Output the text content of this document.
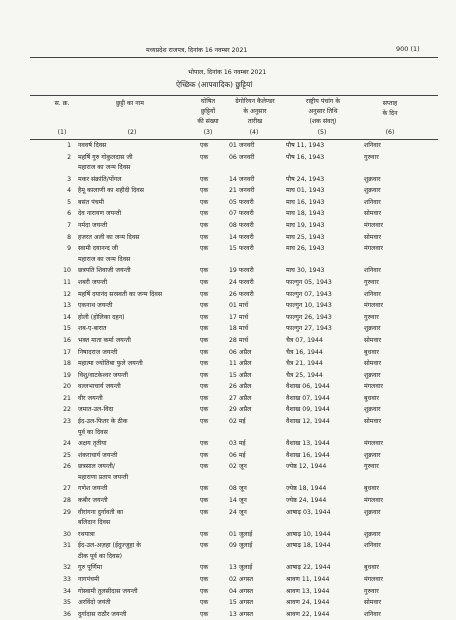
मध्यप्रदेश राजपत्र, दिनांक 16 नवम्बर 2021	900 (1)
भोपाल, दिनांक 16 नवम्बर 2021
ऐच्छिक (आपवादिक) छुट्टियां
स. क्र.	छुट्टी का नाम	घोषित
छुट्टियों
की संख्या
ग्रेगोरियन कैलेण्डर
के अनुसार
तारीख
राष्ट्रीय पंचांग के
अनुसार तिथि
(शक संवत्)
सप्ताह
के दिन
(1)	(2)	(3)	(4)	(5)	(6)
1 नववर्ष दिवस	एक	01 जनवरी	पौष 11, 1943	शनिवार
2 महर्षि गुरु गोकुलदास जी	एक	06 जनवरी	पौष 16, 1943	गुरुवार
महाराज का जन्म दिवस
3 मकर संक्रांति/पोंगल	एक	14 जनवरी	पौष 24, 1943	शुक्रवार
4 हैमू कालाणी का शहीदी दिवस	एक	21 जनवरी	माघ 01, 1943	शुक्रवार
5 बसंत पंचमी	एक	05 फरवरी	माघ 16, 1943	शनिवार
6 देव नारायण जयन्ती	एक	07 फरवरी	माघ 18, 1943	सोमवार
7 नर्मदा जयन्ती	एक	08 फरवरी	माघ 19, 1943	मंगलवार
8 हजरत अली का जन्म दिवस	एक	14 फरवरी	माघ 25, 1943	सोमवार
9 स्वामी दयानन्द जी	एक	15 फरवरी	माघ 26, 1943	मंगलवार
महाराज का जन्म दिवस
10 छत्रपति शिवाजी जयन्ती	एक	19 फरवरी	माघ 30, 1943	शनिवार
11 शबरी जयन्ती	एक	24 फरवरी	फाल्गुन 05, 1943	गुरुवार
12 महर्षि दयानंद सरस्वती का जन्म दिवस	एक	26 फरवरी	फाल्गुन 07, 1943	शनिवार
13 एकनाथ जयन्ती	एक	01 मार्च	फाल्गुन 10, 1943	मंगलवार
14 होली (होलिका दहन)	एक	17 मार्च	फाल्गुन 26, 1943	गुरुवार
15 शब-ए-बारात	एक	18 मार्च	फाल्गुन 27, 1943	शुक्रवार
16 भक्त माता कर्मा जयन्ती	एक	28 मार्च	चैत्र 07, 1944	सोमवार
17 निषादराज जयन्ती	एक	06 अप्रैल	चैत्र 16, 1944	बुधवार
18 महात्मा ज्योतिबा फुले जयन्ती	एक	11 अप्रैल	चैत्र 21, 1944	सोमवार
19 विशु/वाटकेश्वर जयन्ती	एक	15 अप्रैल	चैत्र 25, 1944	शुक्रवार
20 वल्लभाचार्य जयन्ती	एक	26 अप्रैल	वैशाख 06, 1944	मंगलवार
21 वीर जयन्ती	एक	27 अप्रैल	वैशाख 07, 1944	बुधवार
22 जमात-उल-विदा	एक	29 अप्रैल	वैशाख 09, 1944	शुक्रवार
23 ईद-उल-फितर के ठीक	एक	02 मई	वैशाख 12, 1944	सोमवार
पूर्व का दिवस
24 अक्षय तृतीया	एक	03 मई	वैशाख 13, 1944	मंगलवार
25 शंकराचार्य जयन्ती	एक	06 मई	वैशाख 16, 1944	शुक्रवार
26 छत्रसाल जयन्ती/	एक	02 जून	ज्येष्ठ 12, 1944	गुरुवार
महाराणा प्रताप जयन्ती
27 गणेश जयन्ती	एक	08 जून	ज्येष्ठ 18, 1944	बुधवार
28 कबीर जयन्ती	एक	14 जून	ज्येष्ठ 24, 1944	मंगलवार
29 वीरांगना दुर्गावती का	एक	24 जून	आषाढ़ 03, 1944	शुक्रवार
बलिदान दिवस
30 रथयात्रा	एक	01 जुलाई	आषाढ़ 10, 1944	शुक्रवार
31 ईद-उल-अज़हा (ईदुज्जुहा के	एक	09 जुलाई	आषाढ़ 18, 1944	शनिवार
ठीक पूर्व का दिवस)
32 गुरु पूर्णिमा	एक	13 जुलाई	आषाढ़ 22, 1944	बुधवार
33 नागपंचमी	एक	02 अगस्त	श्रावण 11, 1944	मंगलवार
34 गोस्वामी तुलसीदास जयन्ती	एक	04 अगस्त	श्रावण 13, 1944	गुरुवार
35 अरविंदो जयंती	एक	15 अगस्त	श्रावण 24, 1944	सोमवार
36 दुर्गादास राठौर जयन्ती	एक	13 अगस्त	श्रावण 22, 1944	शनिवार
